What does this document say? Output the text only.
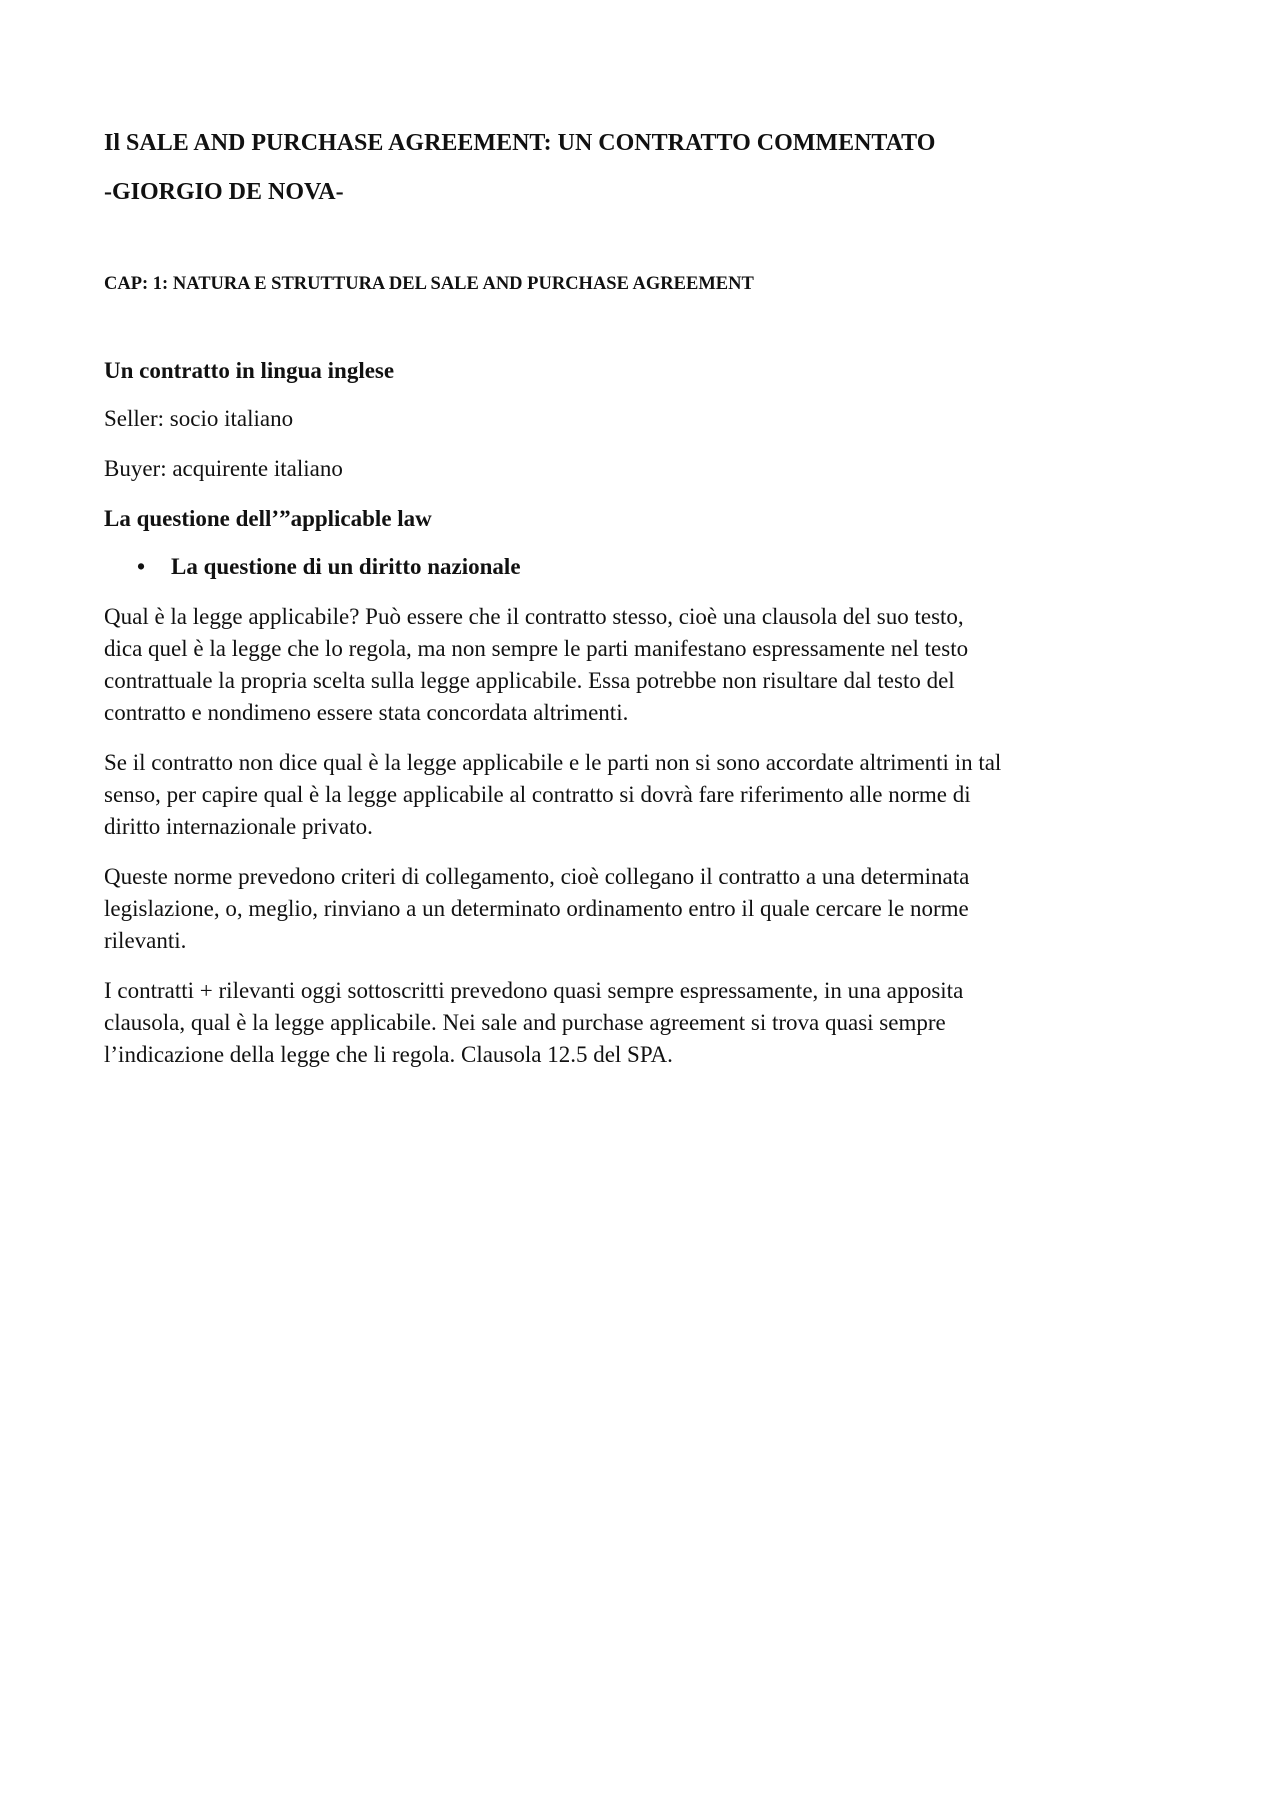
Il SALE AND PURCHASE AGREEMENT: UN CONTRATTO COMMENTATO
-GIORGIO DE NOVA-
CAP: 1: NATURA E STRUTTURA DEL SALE AND PURCHASE AGREEMENT
Un contratto in lingua inglese
Seller: socio italiano
Buyer: acquirente italiano
La questione dell’”applicable law
• La questione di un diritto nazionale

Qual è la legge applicabile? Può essere che il contratto stesso, cioè una clausola del suo testo, dica quel è la legge che lo regola, ma non sempre le parti manifestano espressamente nel testo contrattuale la propria scelta sulla legge applicabile. Essa potrebbe non risultare dal testo del contratto e nondimeno essere stata concordata altrimenti.

Se il contratto non dice qual è la legge applicabile e le parti non si sono accordate altrimenti in tal senso, per capire qual è la legge applicabile al contratto si dovrà fare riferimento alle norme di diritto internazionale privato.

Queste norme prevedono criteri di collegamento, cioè collegano il contratto a una determinata legislazione, o, meglio, rinviano a un determinato ordinamento entro il quale cercare le norme rilevanti.

I contratti + rilevanti oggi sottoscritti prevedono quasi sempre espressamente, in una apposita clausola, qual è la legge applicabile. Nei sale and purchase agreement si trova quasi sempre l’indicazione della legge che li regola. Clausola 12.5 del SPA.
